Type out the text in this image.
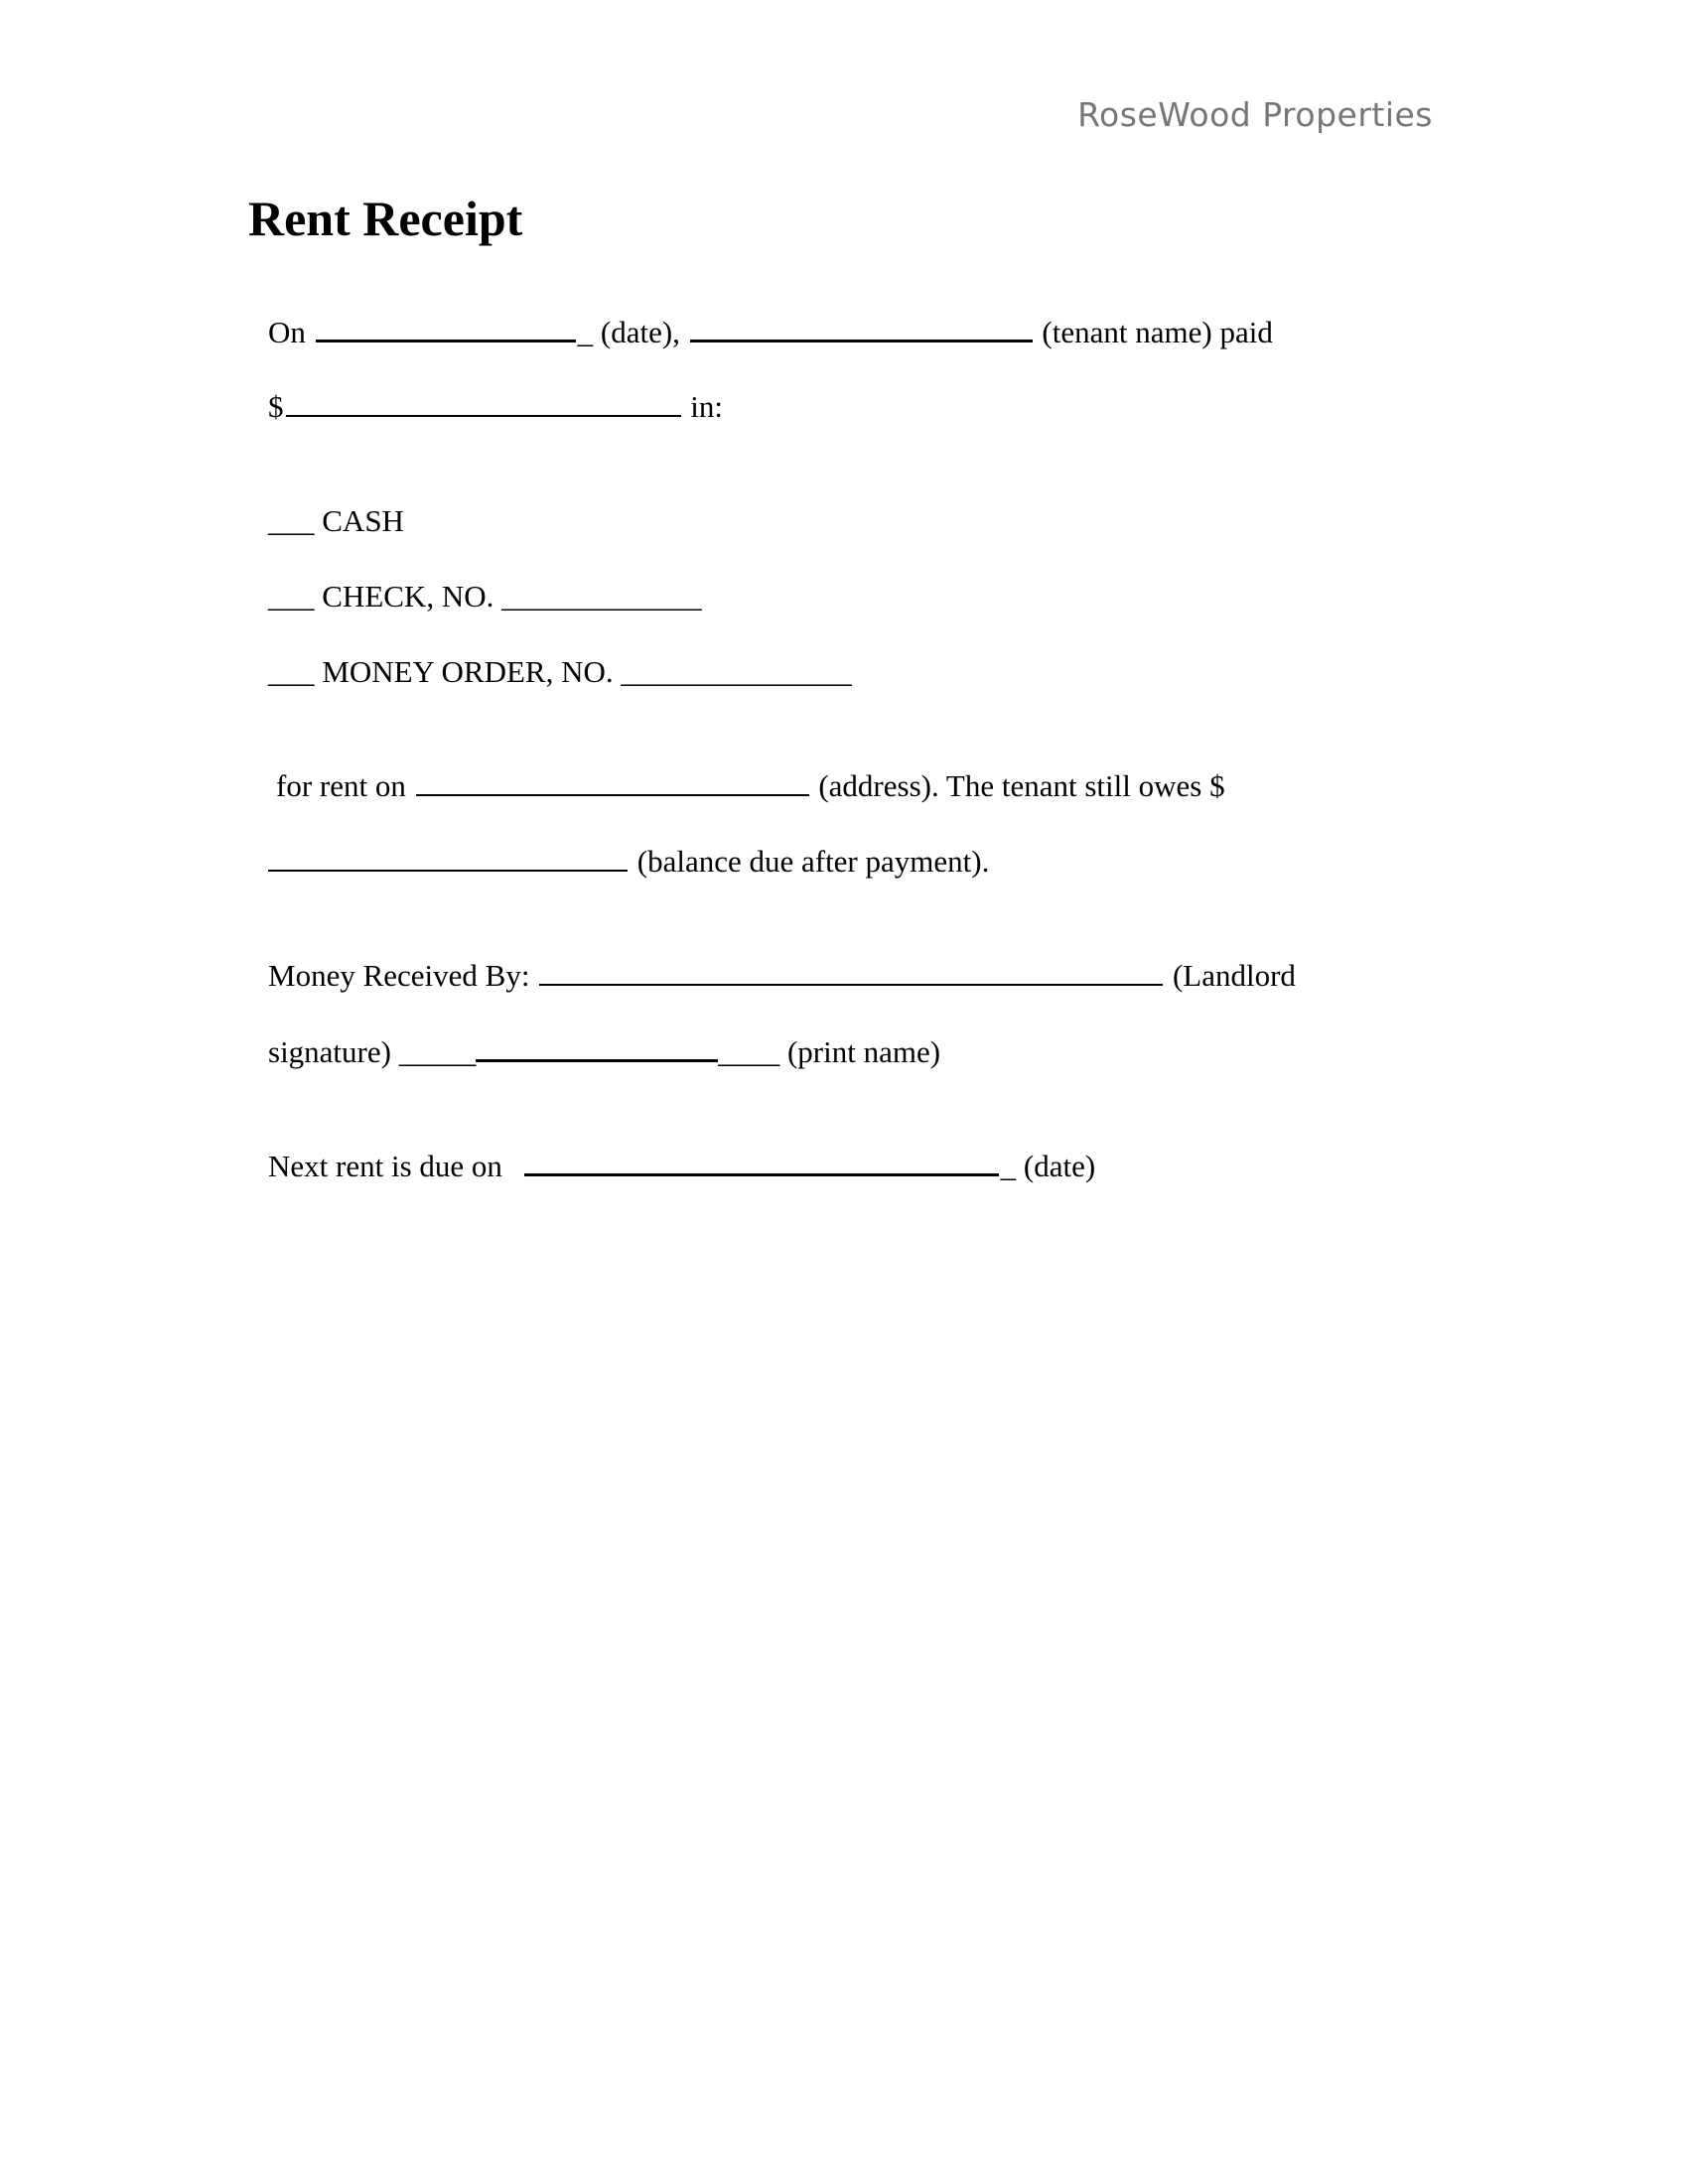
RoseWood Properties
Rent Receipt
On	_ (date),	(tenant name) paid
$	in:
___ CASH
___ CHECK, NO. _____________
___ MONEY ORDER, NO. _______________
for rent on	(address). The tenant still owes $
(balance due after payment).
Money Received By:	(Landlord
signature) _____	____ (print name)
Next rent is due on	_ (date)
